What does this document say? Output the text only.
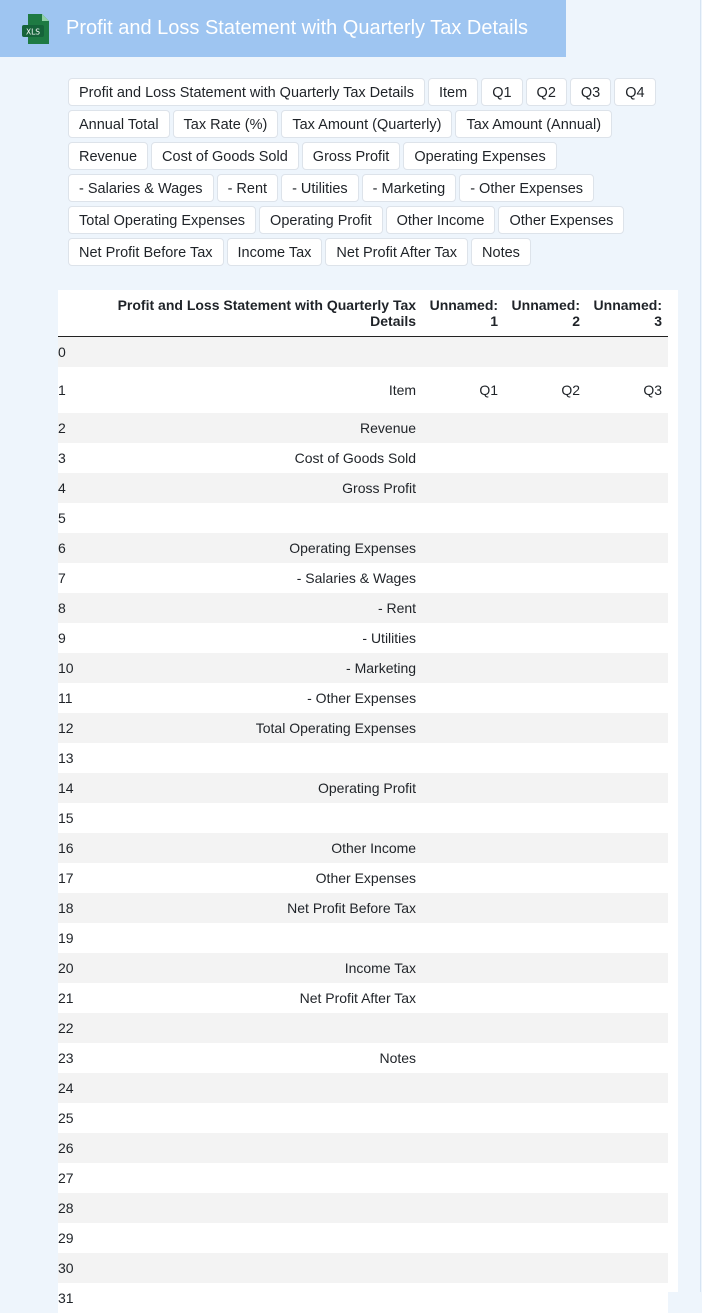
XLS Profit and Loss Statement with Quarterly Tax Details
Profit and Loss Statement with Quarterly Tax Details	Item	Q1	Q2	Q3	Q4
Annual Total	Tax Rate (%)	Tax Amount (Quarterly)	Tax Amount (Annual)
Revenue	Cost of Goods Sold	Gross Profit	Operating Expenses
- Salaries & Wages	- Rent	- Utilities	- Marketing	- Other Expenses
Total Operating Expenses	Operating Profit	Other Income	Other Expenses
Net Profit Before Tax	Income Tax	Net Profit After Tax	Notes
	Profit and Loss Statement with Quarterly Tax Details	Unnamed: 1	Unnamed: 2	Unnamed: 3
0				
1	Item	Q1	Q2	Q3
2	Revenue			
3	Cost of Goods Sold			
4	Gross Profit			
5				
6	Operating Expenses			
7	- Salaries & Wages			
8	- Rent			
9	- Utilities			
10	- Marketing			
11	- Other Expenses			
12	Total Operating Expenses			
13				
14	Operating Profit			
15				
16	Other Income			
17	Other Expenses			
18	Net Profit Before Tax			
19				
20	Income Tax			
21	Net Profit After Tax			
22				
23	Notes			
24				
25				
26				
27				
28				
29				
30				
31				
